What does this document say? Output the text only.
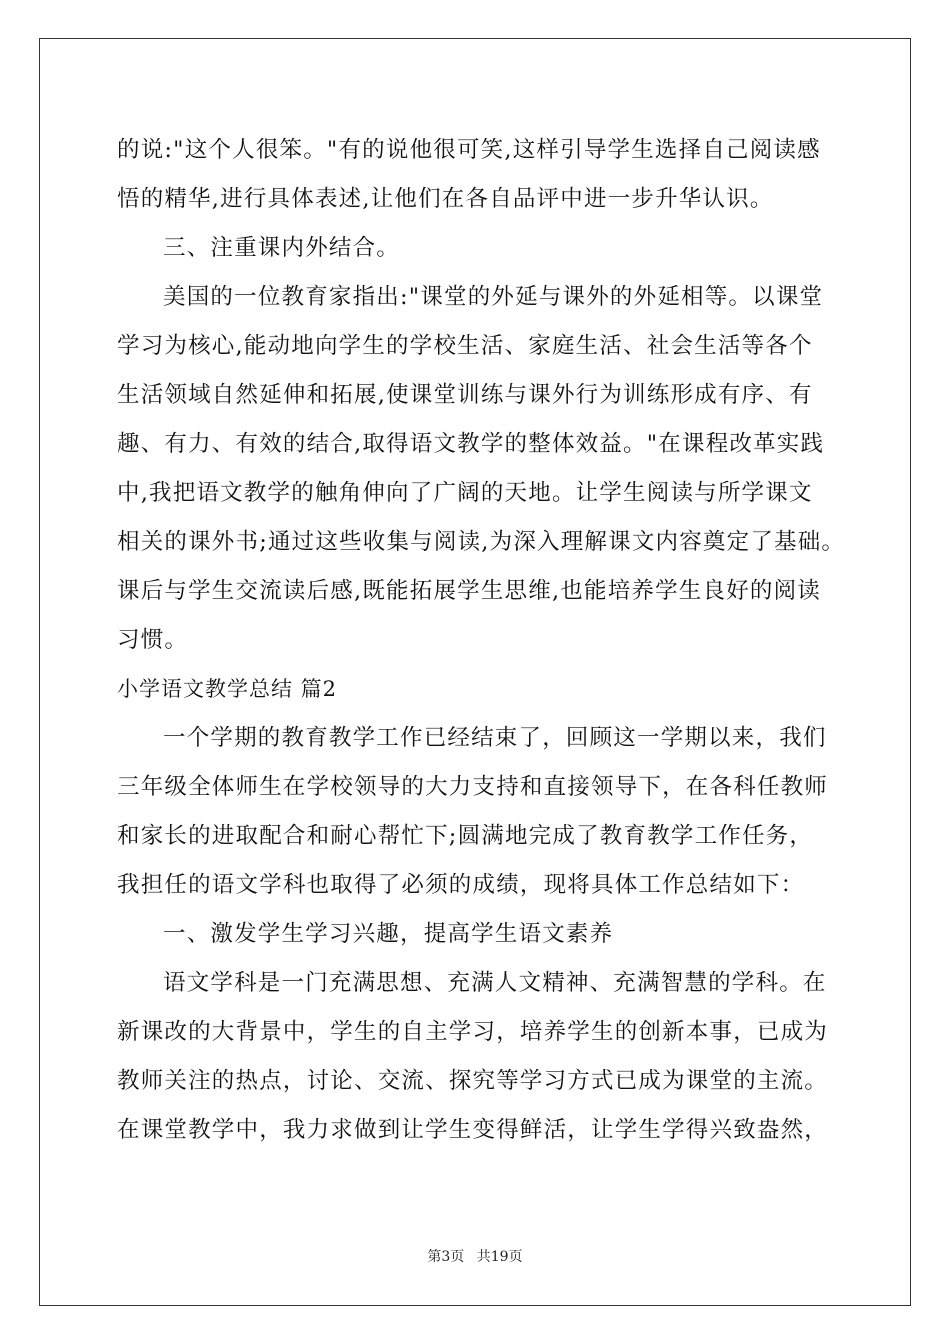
的说:"这个人很笨。"有的说他很可笑,这样引导学生选择自己阅读感
悟的精华,进行具体表述,让他们在各自品评中进一步升华认识。
三、注重课内外结合。
美国的一位教育家指出:"课堂的外延与课外的外延相等。以课堂
学习为核心,能动地向学生的学校生活、家庭生活、社会生活等各个
生活领域自然延伸和拓展,使课堂训练与课外行为训练形成有序、有
趣、有力、有效的结合,取得语文教学的整体效益。"在课程改革实践
中,我把语文教学的触角伸向了广阔的天地。让学生阅读与所学课文
相关的课外书;通过这些收集与阅读,为深入理解课文内容奠定了基础。
课后与学生交流读后感,既能拓展学生思维,也能培养学生良好的阅读
习惯。
小学语文教学总结 篇2
一个学期的教育教学工作已经结束了，回顾这一学期以来，我们
三年级全体师生在学校领导的大力支持和直接领导下，在各科任教师
和家长的进取配合和耐心帮忙下;圆满地完成了教育教学工作任务，
我担任的语文学科也取得了必须的成绩，现将具体工作总结如下：
一、激发学生学习兴趣，提高学生语文素养
语文学科是一门充满思想、充满人文精神、充满智慧的学科。在
新课改的大背景中，学生的自主学习，培养学生的创新本事，已成为
教师关注的热点，讨论、交流、探究等学习方式已成为课堂的主流。
在课堂教学中，我力求做到让学生变得鲜活，让学生学得兴致盎然，
第3页 共19页
